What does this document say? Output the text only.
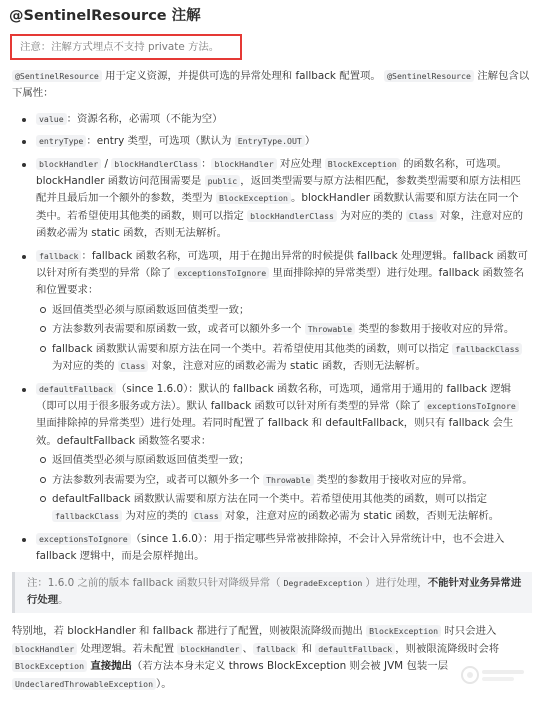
@SentinelResource 注解
注意：注解方式埋点不支持 private 方法。

@SentinelResource 用于定义资源，并提供可选的异常处理和 fallback 配置项。 @SentinelResource 注解包含以下属性：

value ：资源名称，必需项（不能为空）
entryType ：entry 类型，可选项（默认为 EntryType.OUT ）
blockHandler / blockHandlerClass ： blockHandler 对应处理 BlockException 的函数名称，可选项。blockHandler 函数访问范围需要是 public ，返回类型需要与原方法相匹配，参数类型需要和原方法相匹配并且最后加一个额外的参数，类型为 BlockException 。blockHandler 函数默认需要和原方法在同一个类中。若希望使用其他类的函数，则可以指定 blockHandlerClass 为对应的类的 Class 对象，注意对应的函数必需为 static 函数，否则无法解析。
fallback ：fallback 函数名称，可选项，用于在抛出异常的时候提供 fallback 处理逻辑。fallback 函数可以针对所有类型的异常（除了 exceptionsToIgnore 里面排除掉的异常类型）进行处理。fallback 函数签名和位置要求：
返回值类型必须与原函数返回值类型一致；
方法参数列表需要和原函数一致，或者可以额外多一个 Throwable 类型的参数用于接收对应的异常。
fallback 函数默认需要和原方法在同一个类中。若希望使用其他类的函数，则可以指定 fallbackClass 为对应的类的 Class 对象，注意对应的函数必需为 static 函数，否则无法解析。
defaultFallback （since 1.6.0）：默认的 fallback 函数名称，可选项，通常用于通用的 fallback 逻辑（即可以用于很多服务或方法）。默认 fallback 函数可以针对所有类型的异常（除了 exceptionsToIgnore 里面排除掉的异常类型）进行处理。若同时配置了 fallback 和 defaultFallback，则只有 fallback 会生效。defaultFallback 函数签名要求：
返回值类型必须与原函数返回值类型一致；
方法参数列表需要为空，或者可以额外多一个 Throwable 类型的参数用于接收对应的异常。
defaultFallback 函数默认需要和原方法在同一个类中。若希望使用其他类的函数，则可以指定 fallbackClass 为对应的类的 Class 对象，注意对应的函数必需为 static 函数，否则无法解析。
exceptionsToIgnore （since 1.6.0）：用于指定哪些异常被排除掉，不会计入异常统计中，也不会进入 fallback 逻辑中，而是会原样抛出。
注：1.6.0 之前的版本 fallback 函数只针对降级异常（ DegradeException ）进行处理，不能针对业务异常进行处理。

特别地，若 blockHandler 和 fallback 都进行了配置，则被限流降级而抛出 BlockException 时只会进入 blockHandler 处理逻辑。若未配置 blockHandler 、 fallback 和 defaultFallback ，则被限流降级时会将 BlockException 直接抛出（若方法本身未定义 throws BlockException 则会被 JVM 包装一层 UndeclaredThrowableException ）。
